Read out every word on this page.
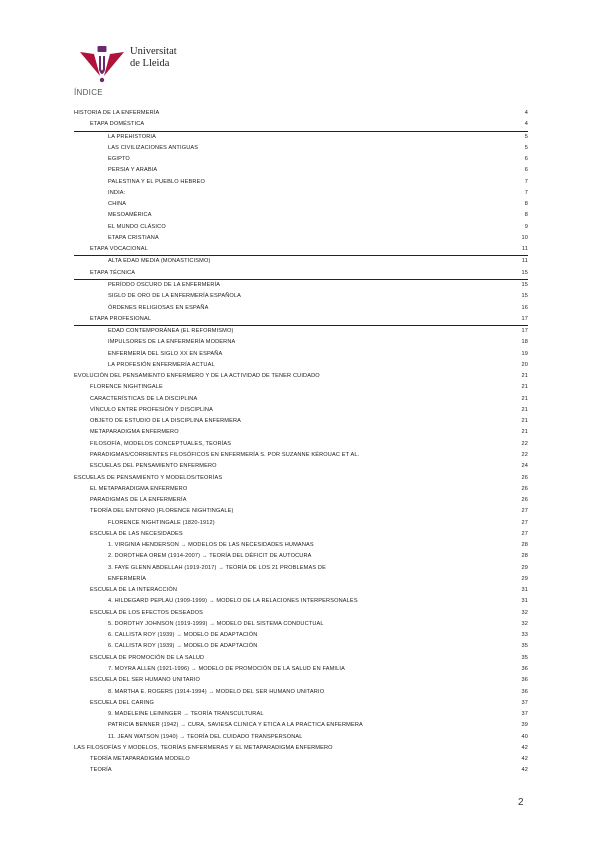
Universitat
de Lleida
ÍNDICE
HISTORIA DE LA ENFERMERÍA	4
ETAPA DOMÉSTICA	4
LA PREHISTORIA	5
LAS CIVILIZACIONES ANTIGUAS	5
EGIPTO	6
PERSIA Y ARABIA	6
PALESTINA Y EL PUEBLO HEBREO	7
INDIA:	7
CHINA	8
MESOAMÉRICA	8
EL MUNDO CLÁSICO	9
ETAPA CRISTIANA	10
ETAPA VOCACIONAL	11
ALTA EDAD MEDIA (MONASTICISMO)	11
ETAPA TÉCNICA	15
PERÍODO OSCURO DE LA ENFERMERÍA	15
SIGLO DE ORO DE LA ENFERMERÍA ESPAÑOLA	15
ÓRDENES RELIGIOSAS EN ESPAÑA	16
ETAPA PROFESIONAL	17
EDAD CONTEMPORÁNEA (EL REFORMISMO)	17
IMPULSORES DE LA ENFERMERÍA MODERNA	18
ENFERMERÍA DEL SIGLO XX EN ESPAÑA	19
LA PROFESIÓN ENFERMERÍA ACTUAL	20
EVOLUCIÓN DEL PENSAMIENTO ENFERMERO Y DE LA ACTIVIDAD DE TENER CUIDADO	21
FLORENCE NIGHTINGALE	21
CARACTERÍSTICAS DE LA DISCIPLINA	21
VÍNCULO ENTRE PROFESIÓN Y DISCIPLINA	21
OBJETO DE ESTUDIO DE LA DISCIPLINA ENFERMERA	21
METAPARADIGMA ENFERMERO	21
FILOSOFÍA, MODELOS CONCEPTUALES, TEORÍAS	22
PARADIGMAS/CORRIENTES FILOSÓFICOS EN ENFERMERÍA S. POR SUZANNE KÉROUAC ET AL.	22
ESCUELAS DEL PENSAMIENTO ENFERMERO	24
ESCUELAS DE PENSAMIENTO Y MODELOS/TEORÍAS	26
EL METAPARADIGMA ENFERMERO	26
PARADIGMAS DE LA ENFERMERÍA	26
TEORÍA DEL ENTORNO (FLORENCE NIGHTINGALE)	27
FLORENCE NIGHTINGALE (1820-1912)	27
ESCUELA DE LAS NECESIDADES	27
1. VIRGINIA HENDERSON → MODELOS DE LAS NECESIDADES HUMANAS	28
2. DOROTHEA OREM (1914-2007) → TEORÍA DEL DÉFICIT DE AUTOCURA	28
3. FAYE GLENN ABDELLAH (1919-2017) → TEORÍA DE LOS 21 PROBLEMAS DE	29
ENFERMERÍA	29
ESCUELA DE LA INTERACCIÓN	31
4. HILDEGARD PEPLAU (1909-1999) → MODELO DE LA RELACIONES INTERPERSONALES	31
ESCUELA DE LOS EFECTOS DESEADOS	32
5. DOROTHY JOHNSON (1919-1999) → MODELO DEL SISTEMA CONDUCTUAL	32
6. CALLISTA ROY (1939) → MODELO DE ADAPTACIÓN	33
6. CALLISTA ROY (1939) → MODELO DE ADAPTACIÓN	35
ESCUELA DE PROMOCIÓN DE LA SALUD	35
7. MOYRA ALLEN (1921-1996) → MODELO DE PROMOCIÓN DE LA SALUD EN FAMILIA	36
ESCUELA DEL SER HUMANO UNITARIO	36
8. MARTHA E. ROGERS (1914-1994) → MODELO DEL SER HUMANO UNITARIO	36
ESCUELA DEL CARING	37
9. MADELEINE LEININGER → TEORÍA TRANSCULTURAL	37
PATRICIA BENNER (1942) → CURA, SAVIESA CLINICA Y ETICA A LA PRACTICA ENFERMERA	39
11. JEAN WATSON (1940) → TEORÍA DEL CUIDADO TRANSPERSONAL	40
LAS FILOSOFÍAS Y MODELOS, TEORÍAS ENFERMERAS Y EL METAPARADIGMA ENFERMERO	42
TEORÍA METAPARADIGMA MODELO	42
TEORÍA	42
2
